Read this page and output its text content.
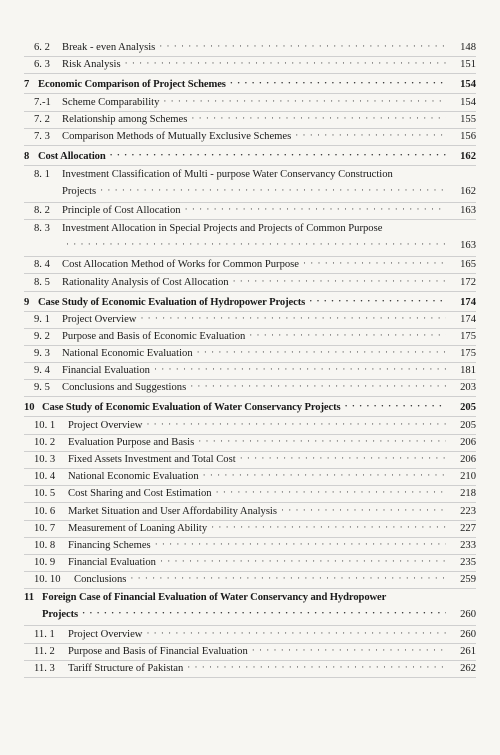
6. 2	Break - even Analysis · · ·	148
6. 3	Risk Analysis · · ·	151
7 Economic Comparison of Project Schemes · · ·	154
7.-1	Scheme Comparability · · ·	154
7. 2	Relationship among Schemes · · ·	155
7. 3	Comparison Methods of Mutually Exclusive Schemes · · ·	156
8 Cost Allocation · · ·	162
8. 1	Investment Classification of Multi - purpose Water Conservancy Construction
Projects · · ·	162
8. 2	Principle of Cost Allocation · · ·	163
8. 3	Investment Allocation in Special Projects and Projects of Common Purpose
· · ·
163
8. 4	Cost Allocation Method of Works for Common Purpose · · ·	165
8. 5	Rationality Analysis of Cost Allocation · · ·	172
9 Case Study of Economic Evaluation of Hydropower Projects · · ·	174
9. 1	Project Overview · · ·	174
9. 2	Purpose and Basis of Economic Evaluation · · ·	175
9. 3	National Economic Evaluation · · ·	175
9. 4	Financial Evaluation · · ·	181
9. 5	Conclusions and Suggestions · · ·	203
10 Case Study of Economic Evaluation of Water Conservancy Projects · · ·	205
10. 1	Project Overview · · ·	205
10. 2	Evaluation Purpose and Basis · · ·	206
10. 3	Fixed Assets Investment and Total Cost · · ·	206
10. 4	National Economic Evaluation · · ·	210
10. 5	Cost Sharing and Cost Estimation · · ·	218
10. 6	Market Situation and User Affordability Analysis · · ·	223
10. 7	Measurement of Loaning Ability · · ·	227
10. 8	Financing Schemes · · ·	233
10. 9	Financial Evaluation · · ·	235
10. 10	Conclusions · · ·	259
11 Foreign Case of Financial Evaluation of Water Conservancy and Hydropower
Projects · · ·	260
11. 1	Project Overview · · ·	260
11. 2	Purpose and Basis of Financial Evaluation · · ·	261
11. 3	Tariff Structure of Pakistan · · ·	262
